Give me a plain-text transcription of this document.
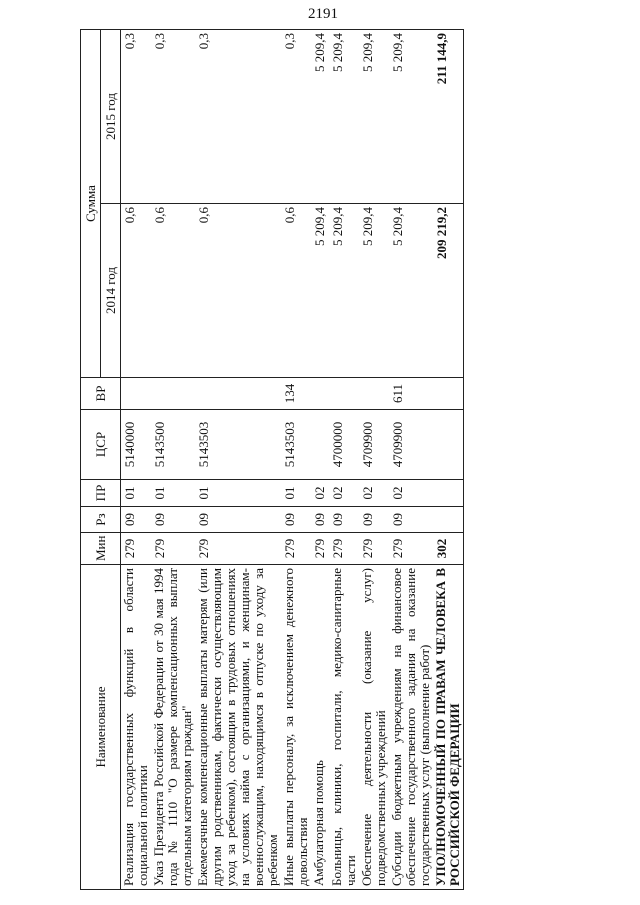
2191
Наименование	Мин	Рз	ПР	ЦСР	ВР	Сумма	
						2014 год	2015 год
Реализация государственных функций в области социальной политики	279	09	01	5140000		0,6	0,3
Указ Президента Российской Федерации от 30 мая 1994 года № 1110 "О размере компенсационных выплат отдельным категориям граждан"	279	09	01	5143500		0,6	0,3
Ежемесячные компенсационные выплаты матерям (или другим родственникам, фактически осуществляющим уход за ребенком), состоящим в трудовых отношениях на условиях найма с организациями, и женщинам-военнослужащим, находящимся в отпуске по уходу за ребенком	279	09	01	5143503		0,6	0,3
Иные выплаты персоналу, за исключением денежного довольствия	279	09	01	5143503	134	0,6	0,3
Амбулаторная помощь	279	09	02			5 209,4	5 209,4
Больницы, клиники, госпитали, медико-санитарные части	279	09	02	4700000		5 209,4	5 209,4
Обеспечение деятельности (оказание услуг) подведомственных учреждений	279	09	02	4709900		5 209,4	5 209,4
Субсидии бюджетным учреждениям на финансовое обеспечение государственного задания на оказание государственных услуг (выполнение работ)	279	09	02	4709900	611	5 209,4	5 209,4
УПОЛНОМОЧЕННЫЙ ПО ПРАВАМ ЧЕЛОВЕКА В РОССИЙСКОЙ ФЕДЕРАЦИИ	302					209 219,2	211 144,9
